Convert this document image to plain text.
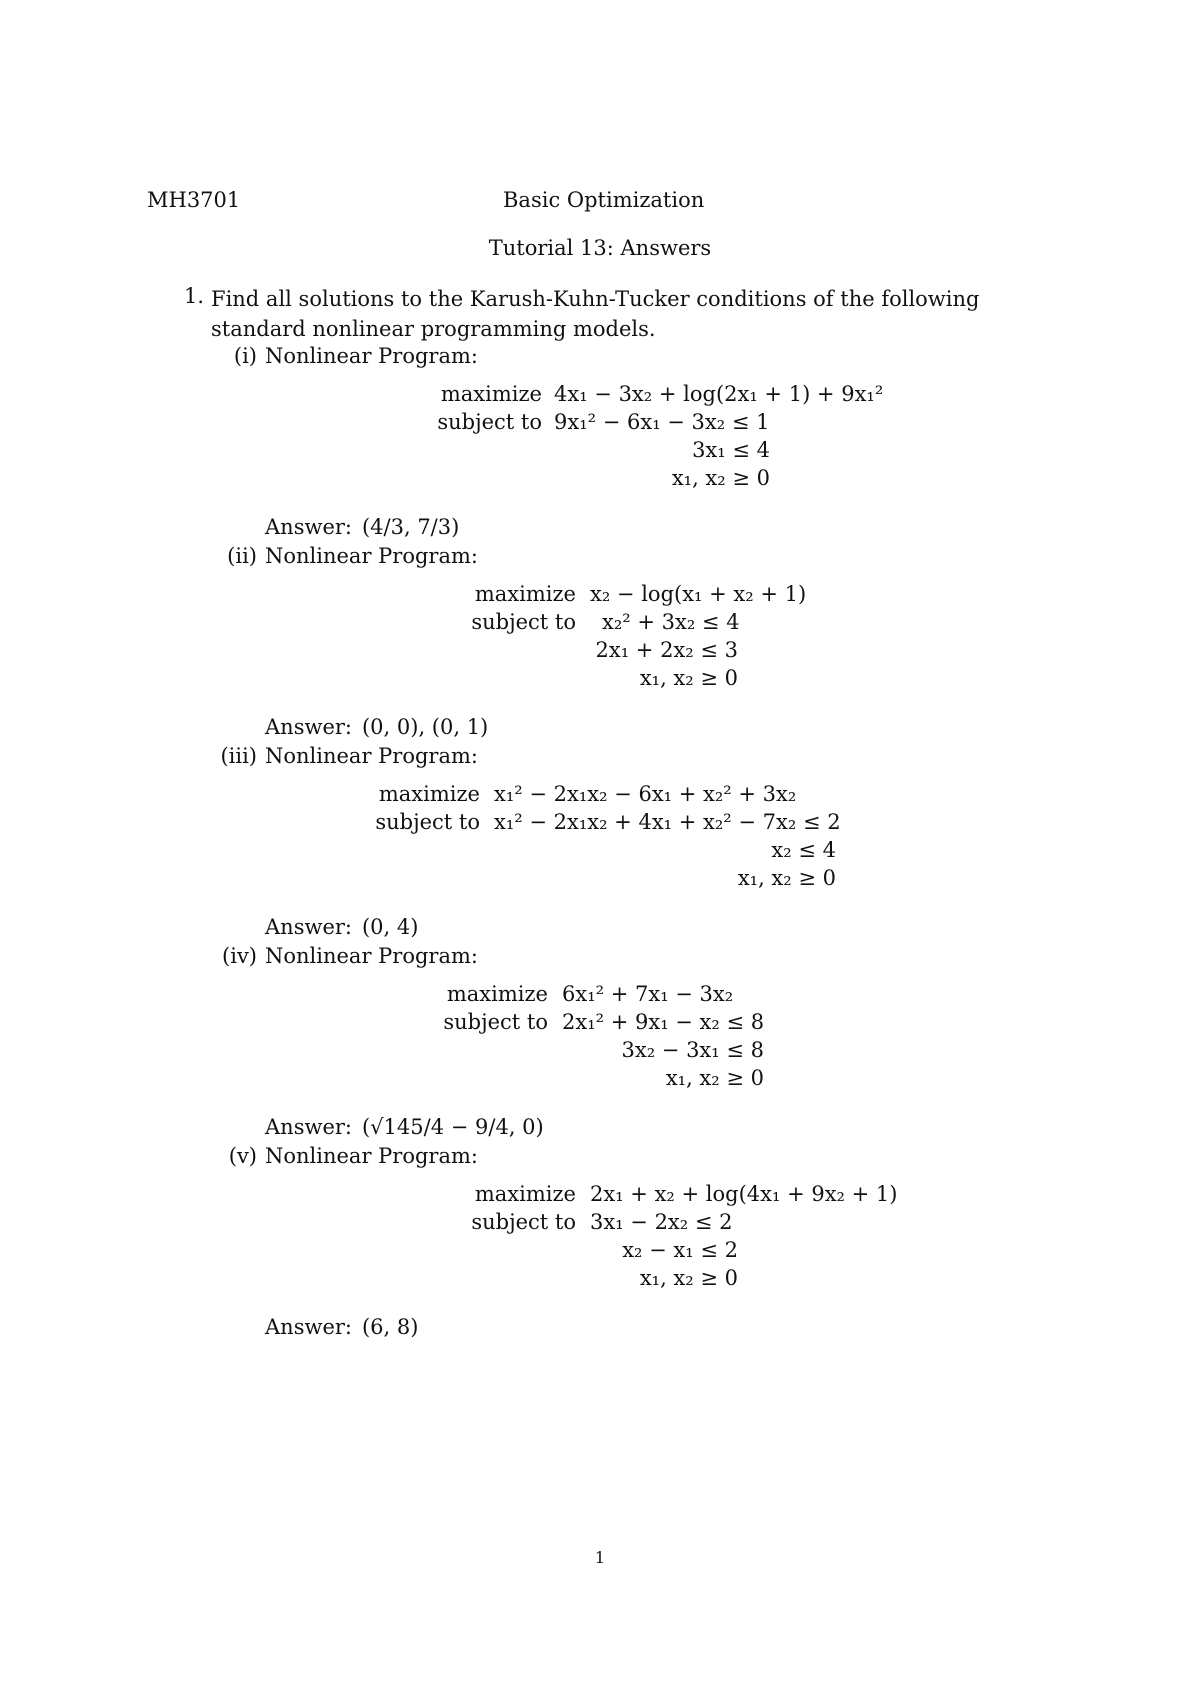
MH3701	Basic Optimization
Tutorial 13: Answers
1. Find all solutions to the Karush-Kuhn-Tucker conditions of the following standard nonlinear programming models.
(i) Nonlinear Program:
maximize 4x₁ − 3x₂ + log(2x₁ + 1) + 9x₁²
subject to 9x₁² − 6x₁ − 3x₂ ≤ 1
3x₁ ≤ 4
x₁, x₂ ≥ 0
Answer: (4/3, 7/3)
(ii) Nonlinear Program:
maximize x₂ − log(x₁ + x₂ + 1)
subject to x₂² + 3x₂ ≤ 4
2x₁ + 2x₂ ≤ 3
x₁, x₂ ≥ 0
Answer: (0, 0), (0, 1)
(iii) Nonlinear Program:
maximize x₁² − 2x₁x₂ − 6x₁ + x₂² + 3x₂
subject to x₁² − 2x₁x₂ + 4x₁ + x₂² − 7x₂ ≤ 2
x₂ ≤ 4
x₁, x₂ ≥ 0
Answer: (0, 4)
(iv) Nonlinear Program:
maximize 6x₁² + 7x₁ − 3x₂
subject to 2x₁² + 9x₁ − x₂ ≤ 8
3x₂ − 3x₁ ≤ 8
x₁, x₂ ≥ 0
Answer: (√145/4 − 9/4, 0)
(v) Nonlinear Program:
maximize 2x₁ + x₂ + log(4x₁ + 9x₂ + 1)
subject to 3x₁ − 2x₂ ≤ 2
x₂ − x₁ ≤ 2
x₁, x₂ ≥ 0
Answer: (6, 8)
1
